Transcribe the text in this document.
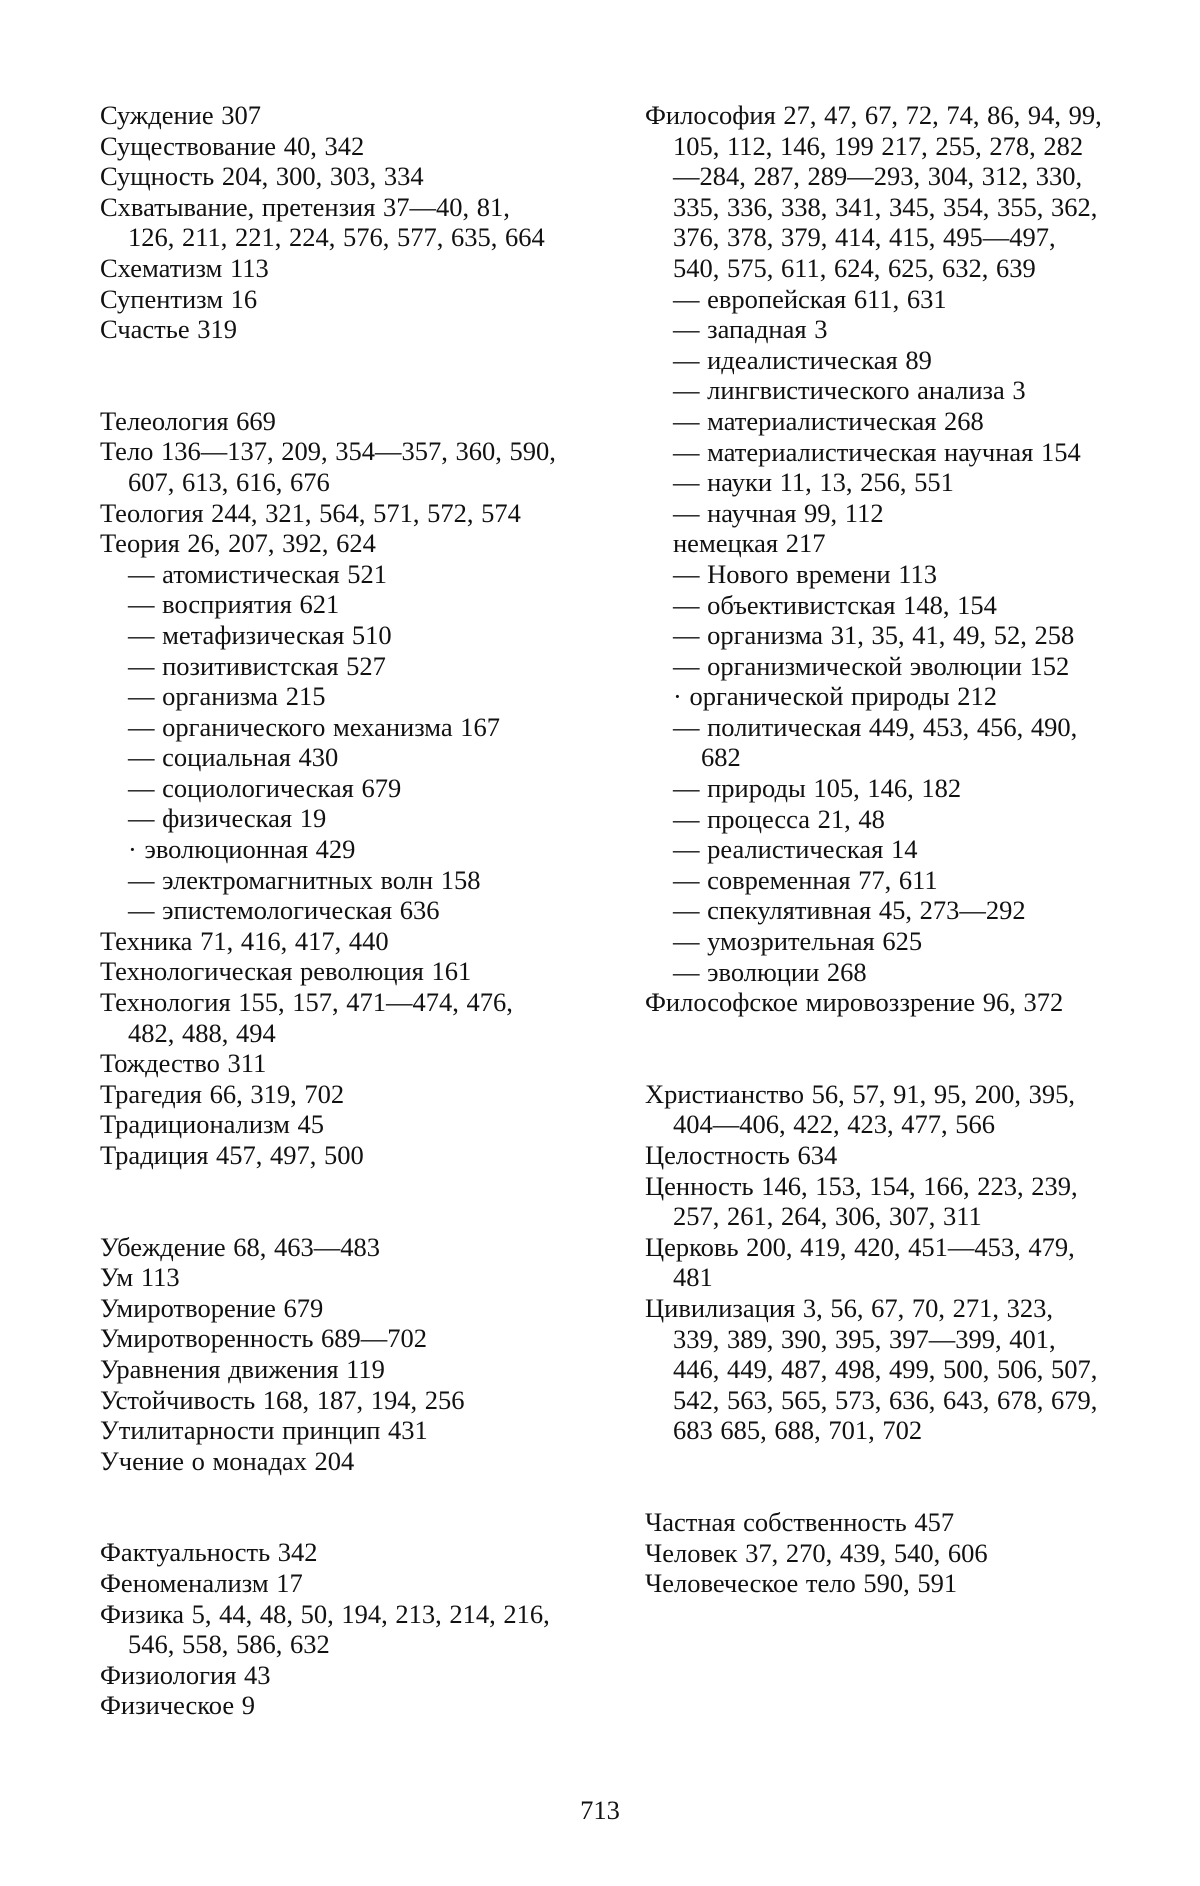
Суждение 307

Существование 40, 342

Сущность 204, 300, 303, 334

Схватывание, претензия 37—40, 81, 126, 211, 221, 224, 576, 577, 635, 664

Схематизм 113

Супентизм 16

Счастье 319

Телеология 669

Тело 136—137, 209, 354—357, 360, 590, 607, 613, 616, 676

Теология 244, 321, 564, 571, 572, 574

Теория 26, 207, 392, 624

— атомистическая 521

— восприятия 621

— метафизическая 510

— позитивистская 527

— организма 215

— органического механизма 167

— социальная 430

— социологическая 679

— физическая 19

· эволюционная 429

— электромагнитных волн 158

— эпистемологическая 636

Техника 71, 416, 417, 440

Технологическая революция 161

Технология 155, 157, 471—474, 476, 482, 488, 494

Тождество 311

Трагедия 66, 319, 702

Традиционализм 45

Традиция 457, 497, 500

Убеждение 68, 463—483

Ум 113

Умиротворение 679

Умиротворенность 689—702

Уравнения движения 119

Устойчивость 168, 187, 194, 256

Утилитарности принцип 431

Учение о монадах 204

Фактуальность 342

Феноменализм 17

Физика 5, 44, 48, 50, 194, 213, 214, 216, 546, 558, 586, 632

Физиология 43

Физическое 9

Философия 27, 47, 67, 72, 74, 86, 94, 99, 105, 112, 146, 199 217, 255, 278, 282—284, 287, 289—293, 304, 312, 330, 335, 336, 338, 341, 345, 354, 355, 362, 376, 378, 379, 414, 415, 495—497, 540, 575, 611, 624, 625, 632, 639

— европейская 611, 631

— западная 3

— идеалистическая 89

— лингвистического анализа 3

— материалистическая 268

— материалистическая научная 154

— науки 11, 13, 256, 551

— научная 99, 112

немецкая 217

— Нового времени 113

— объективистская 148, 154

— организма 31, 35, 41, 49, 52, 258

— организмической эволюции 152

· органической природы 212

— политическая 449, 453, 456, 490, 682

— природы 105, 146, 182

— процесса 21, 48

— реалистическая 14

— современная 77, 611

— спекулятивная 45, 273—292

— умозрительная 625

— эволюции 268

Философское мировоззрение 96, 372

Христианство 56, 57, 91, 95, 200, 395, 404—406, 422, 423, 477, 566

Целостность 634

Ценность 146, 153, 154, 166, 223, 239, 257, 261, 264, 306, 307, 311

Церковь 200, 419, 420, 451—453, 479, 481

Цивилизация 3, 56, 67, 70, 271, 323, 339, 389, 390, 395, 397—399, 401, 446, 449, 487, 498, 499, 500, 506, 507, 542, 563, 565, 573, 636, 643, 678, 679, 683 685, 688, 701, 702

Частная собственность 457

Человек 37, 270, 439, 540, 606

Человеческое тело 590, 591

713
